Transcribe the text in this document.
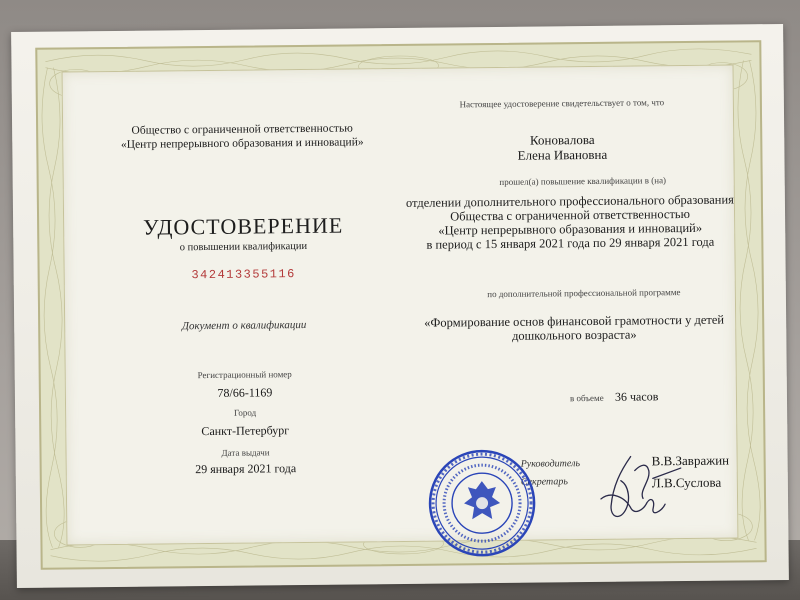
Общество с ограниченной ответственностью
«Центр непрерывного образования и инноваций»
УДОСТОВЕРЕНИЕ
о повышении квалификации
342413355116
Документ о квалификации
Регистрационный номер
78/66-1169
Город
Санкт-Петербург
Дата выдачи
29 января 2021 года
Настоящее удостоверение свидетельствует о том, что
Коновалова
Елена Ивановна
прошел(а) повышение квалификации в (на)
отделении дополнительного профессионального образования
Общества с ограниченной ответственностью
«Центр непрерывного образования и инноваций»
в период с 15 января 2021 года по 29 января 2021 года
по дополнительной профессиональной программе
«Формирование основ финансовой грамотности у детей
дошкольного возраста»
в объеме 36 часов
Руководитель	В.В.Завражин
Секретарь	Л.В.Суслова
